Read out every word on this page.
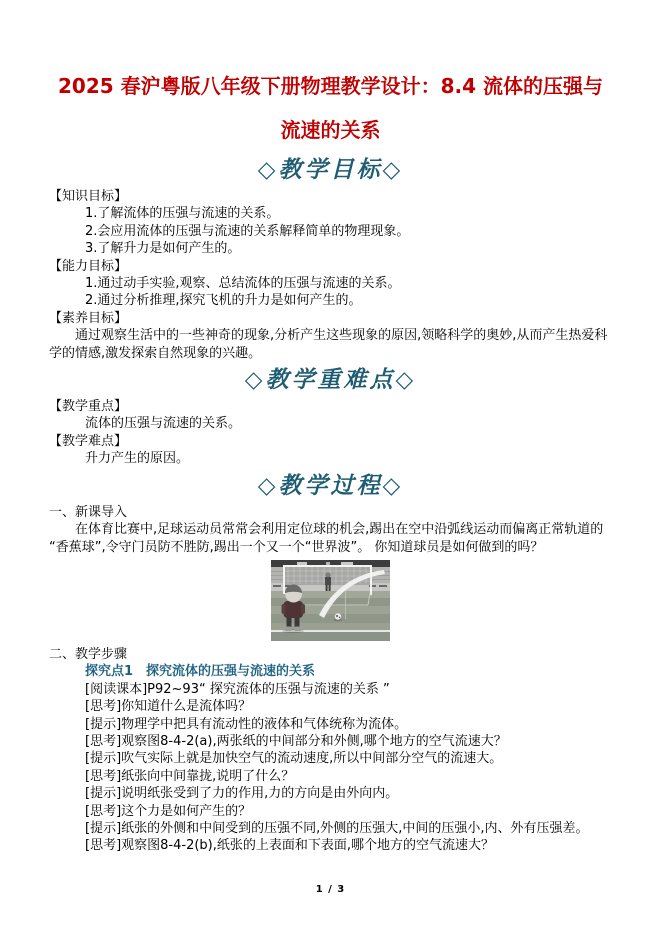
2025 春沪粤版八年级下册物理教学设计：8.4 流体的压强与
流速的关系
◇教学目标◇
【知识目标】
1.了解流体的压强与流速的关系。
2.会应用流体的压强与流速的关系解释简单的物理现象。
3.了解升力是如何产生的。
【能力目标】
1.通过动手实验,观察、总结流体的压强与流速的关系。
2.通过分析推理,探究飞机的升力是如何产生的。
【素养目标】

通过观察生活中的一些神奇的现象,分析产生这些现象的原因,领略科学的奥妙,从而产生热爱科学的情感,激发探索自然现象的兴趣。

◇教学重难点◇
【教学重点】
流体的压强与流速的关系。
【教学难点】
升力产生的原因。
◇教学过程◇
一、新课导入

在体育比赛中,足球运动员常常会利用定位球的机会,踢出在空中沿弧线运动而偏离正常轨道的“香蕉球”,令守门员防不胜防,踢出一个又一个“世界波”。 你知道球员是如何做到的吗？

二、教学步骤
探究点1　探究流体的压强与流速的关系
[阅读课本]P92~93“ 探究流体的压强与流速的关系 ”
[思考]你知道什么是流体吗？
[提示]物理学中把具有流动性的液体和气体统称为流体。
[思考]观察图8-4-2(a),两张纸的中间部分和外侧,哪个地方的空气流速大？
[提示]吹气实际上就是加快空气的流动速度,所以中间部分空气的流速大。
[思考]纸张向中间靠拢,说明了什么？
[提示]说明纸张受到了力的作用,力的方向是由外向内。
[思考]这个力是如何产生的？
[提示]纸张的外侧和中间受到的压强不同,外侧的压强大,中间的压强小,内、外有压强差。
[思考]观察图8-4-2(b),纸张的上表面和下表面,哪个地方的空气流速大？
1 / 3
